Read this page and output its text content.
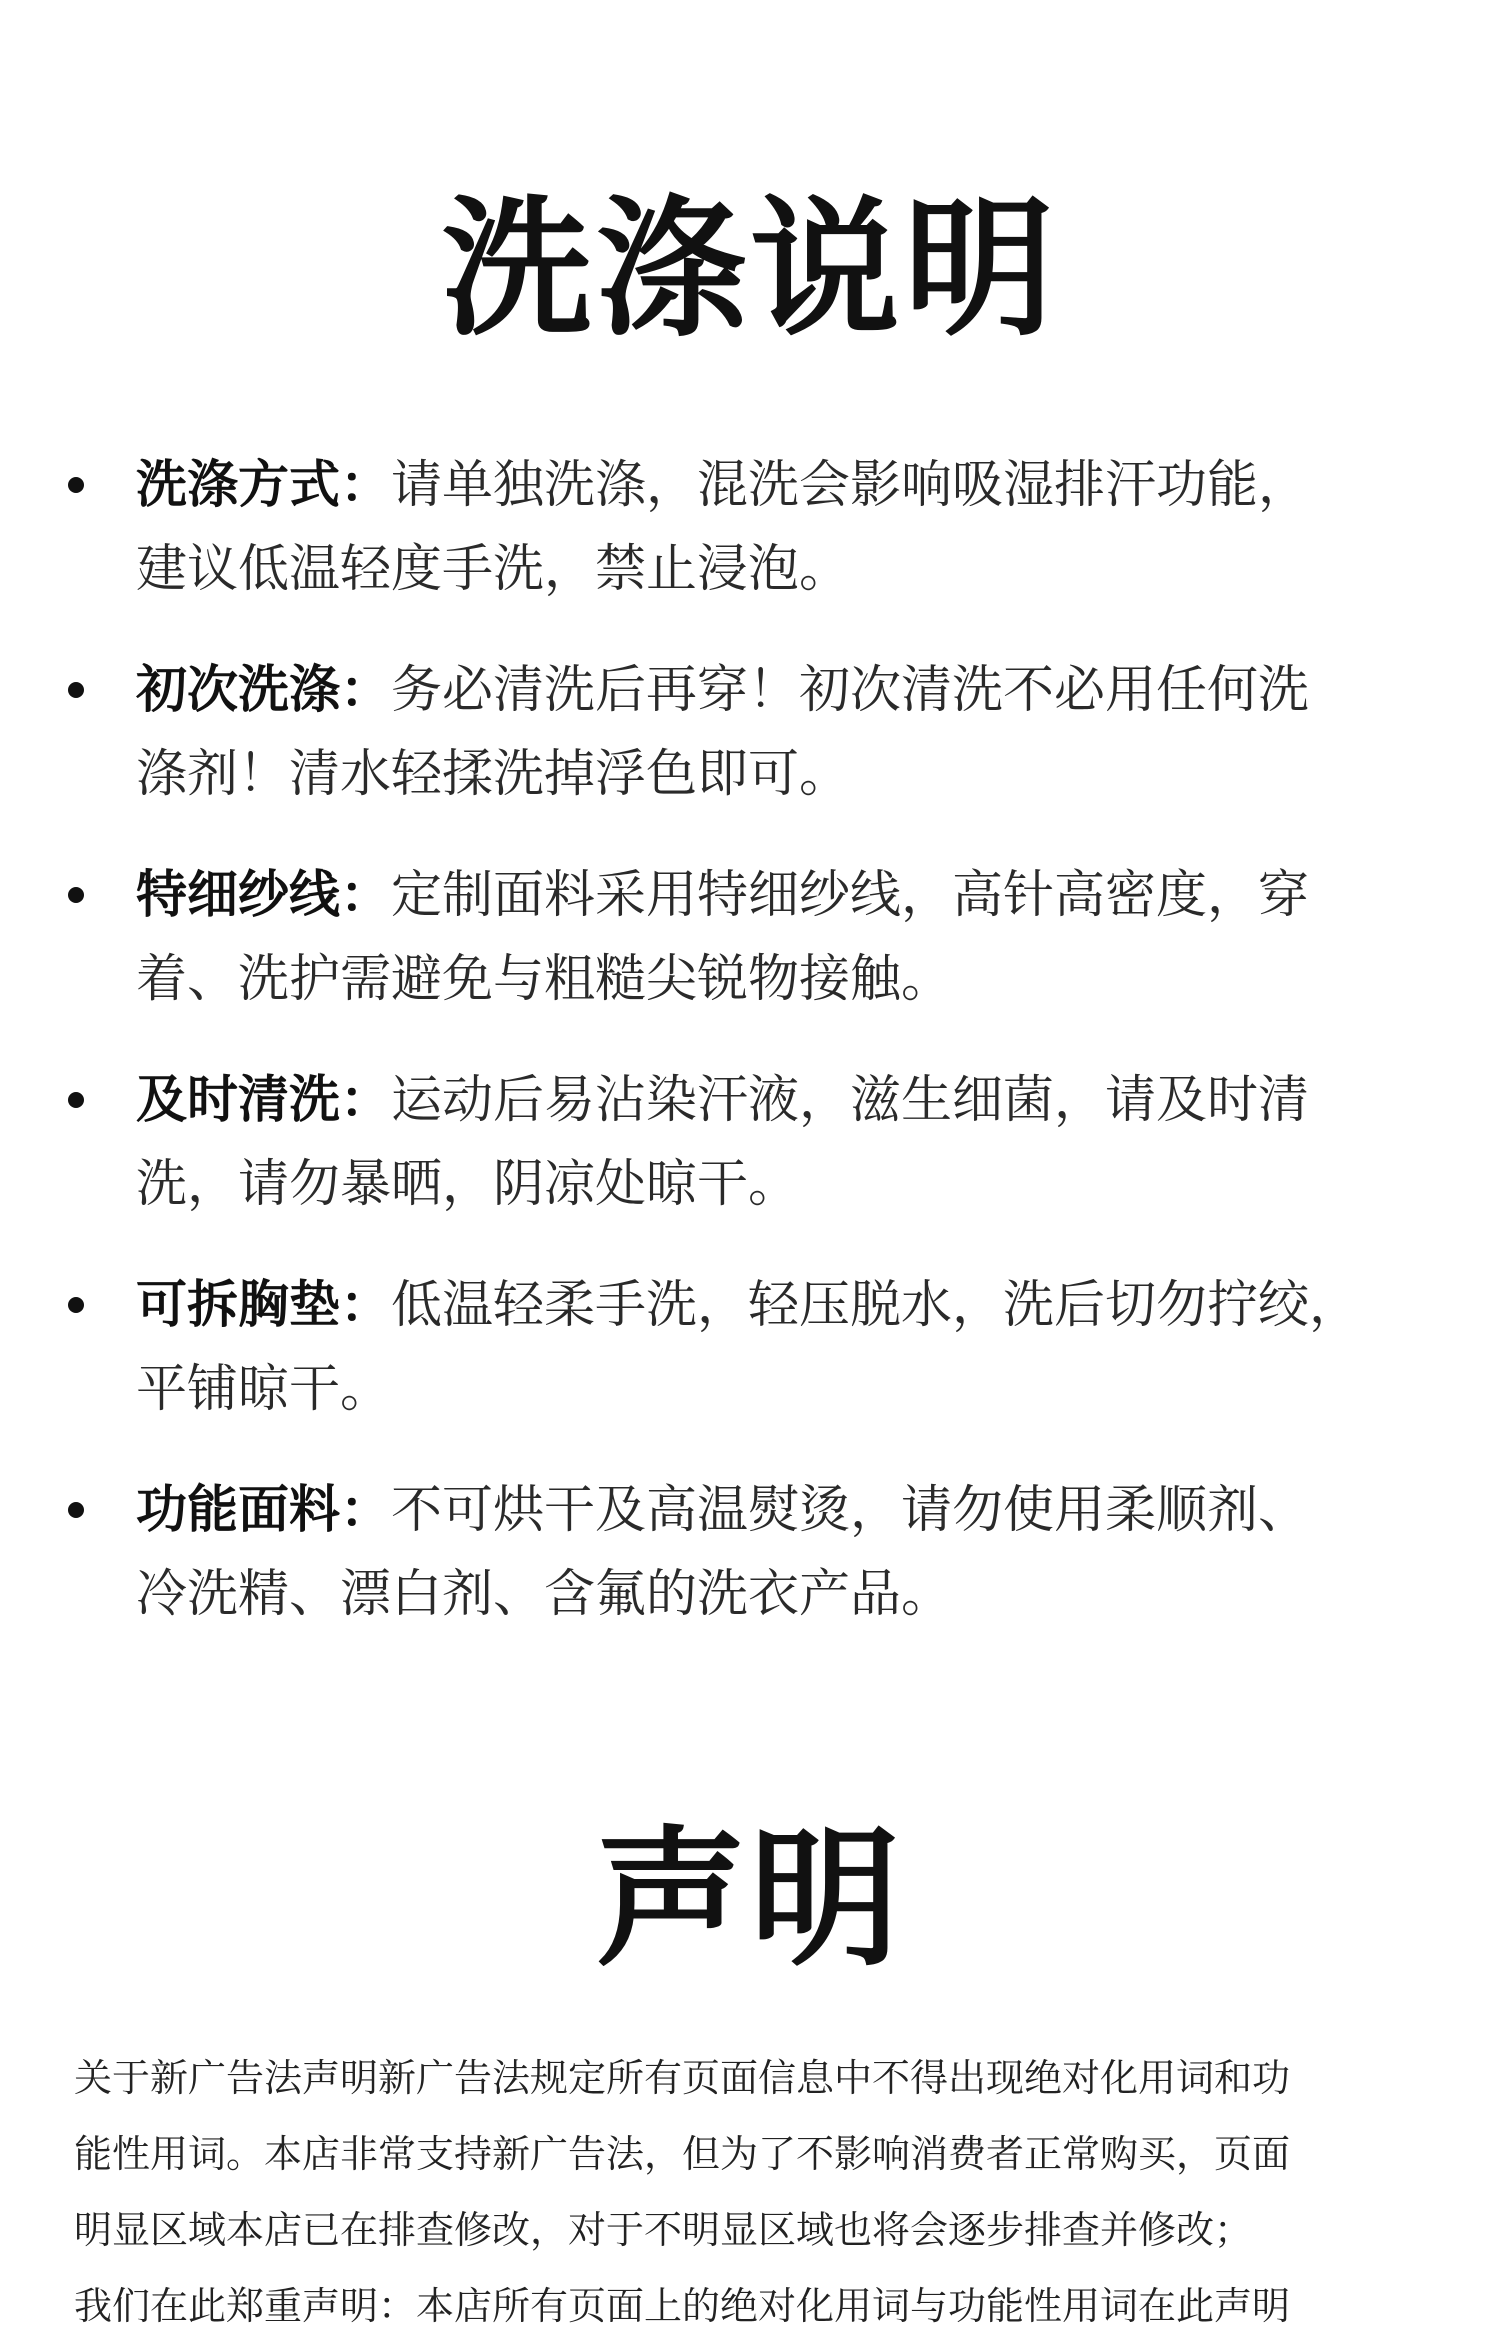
洗涤说明
洗涤方式：请单独洗涤，混洗会影响吸湿排汗功能，
建议低温轻度手洗，禁止浸泡。
初次洗涤：务必清洗后再穿！初次清洗不必用任何洗
涤剂！清水轻揉洗掉浮色即可。
特细纱线：定制面料采用特细纱线，高针高密度，穿
着、洗护需避免与粗糙尖锐物接触。
及时清洗：运动后易沾染汗液，滋生细菌，请及时清
洗，请勿暴晒，阴凉处晾干。
可拆胸垫：低温轻柔手洗，轻压脱水，洗后切勿拧绞，
平铺晾干。
功能面料：不可烘干及高温熨烫，请勿使用柔顺剂、
冷洗精、漂白剂、含氟的洗衣产品。
声明

关于新广告法声明新广告法规定所有页面信息中不得出现绝对化用词和功
能性用词。本店非常支持新广告法，但为了不影响消费者正常购买，页面
明显区域本店已在排查修改，对于不明显区域也将会逐步排查并修改；
我们在此郑重声明：本店所有页面上的绝对化用词与功能性用词在此声明
